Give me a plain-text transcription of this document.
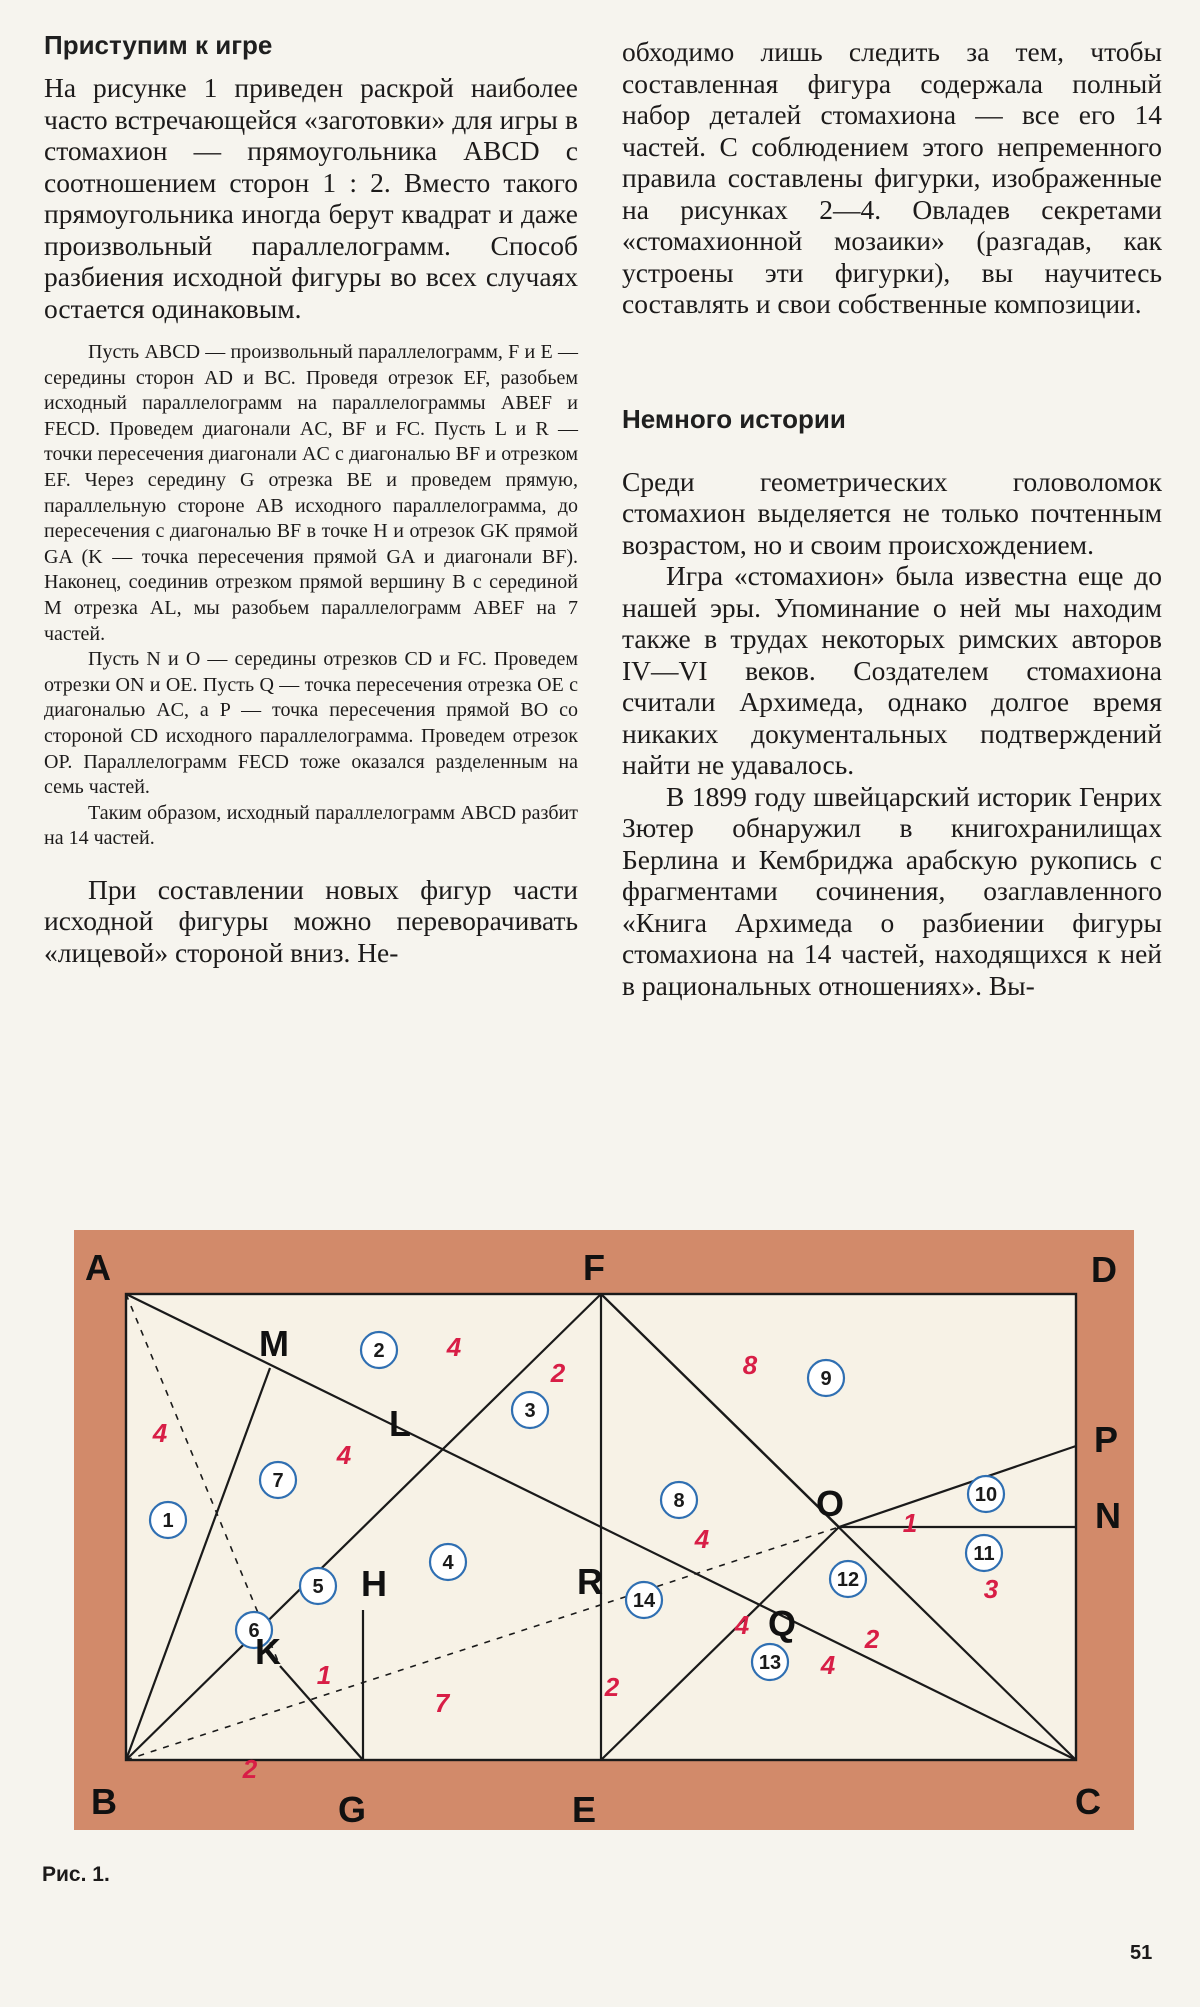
Приступим к игре

На рисунке 1 приведен раскрой наиболее часто встречающейся «заготовки» для игры в стомахион — прямоугольника ABCD с соотношением сторон 1 : 2. Вместо такого прямоугольника иногда берут квадрат и даже произвольный параллелограмм. Способ разбиения исходной фигуры во всех случаях остается одинаковым.

Пусть ABCD — произвольный параллелограмм, F и E — середины сторон AD и BC. Проведя отрезок EF, разобьем исходный параллелограмм на параллелограммы ABEF и FECD. Проведем диагонали AC, BF и FC. Пусть L и R — точки пересечения диагонали AC с диагональю BF и отрезком EF. Через середину G отрезка BE и проведем прямую, параллельную стороне AB исходного параллелограмма, до пересечения с диагональю BF в точке H и отрезок GK прямой GA (K — точка пересечения прямой GA и диагонали BF). Наконец, соединив отрезком прямой вершину B с серединой M отрезка AL, мы разобьем параллелограмм ABEF на 7 частей.

Пусть N и O — середины отрезков CD и FC. Проведем отрезки ON и OE. Пусть Q — точка пересечения отрезка OE с диагональю AC, а P — точка пересечения прямой BO со стороной CD исходного параллелограмма. Проведем отрезок OP. Параллелограмм FECD тоже оказался разделенным на семь частей.

Таким образом, исходный параллелограмм ABCD разбит на 14 частей.

При составлении новых фигур части исходной фигуры можно переворачивать «лицевой» стороной вниз. Не-

обходимо лишь следить за тем, чтобы составленная фигура содержала полный набор деталей стомахиона — все его 14 частей. С соблюдением этого непременного правила составлены фигурки, изображенные на рисунках 2—4. Овладев секретами «стомахионной мозаики» (разгадав, как устроены эти фигурки), вы научитесь составлять и свои собственные композиции.

Немного истории

Среди геометрических головоломок стомахион выделяется не только почтенным возрастом, но и своим происхождением.

Игра «стомахион» была известна еще до нашей эры. Упоминание о ней мы находим также в трудах некоторых римских авторов IV—VI веков. Создателем стомахиона считали Архимеда, однако долгое время никаких документальных подтверждений найти не удавалось.

В 1899 году швейцарский историк Генрих Зютер обнаружил в книгохранилищах Берлина и Кембриджа арабскую рукопись с фрагментами сочинения, озаглавленного «Книга Архимеда о разбиении фигуры стомахиона на 14 частей, находящихся к ней в рациональных отношениях». Вы-

1
2
3
4
5
6
7
8
9
10
11
12
13
14
4
4
2
4
4
1
2
7
8
4
1
3
2
2
4
A
B	C
D
E
F
G
H
K
L
M
N
O
P
Q
R

Рис. 1.

51
